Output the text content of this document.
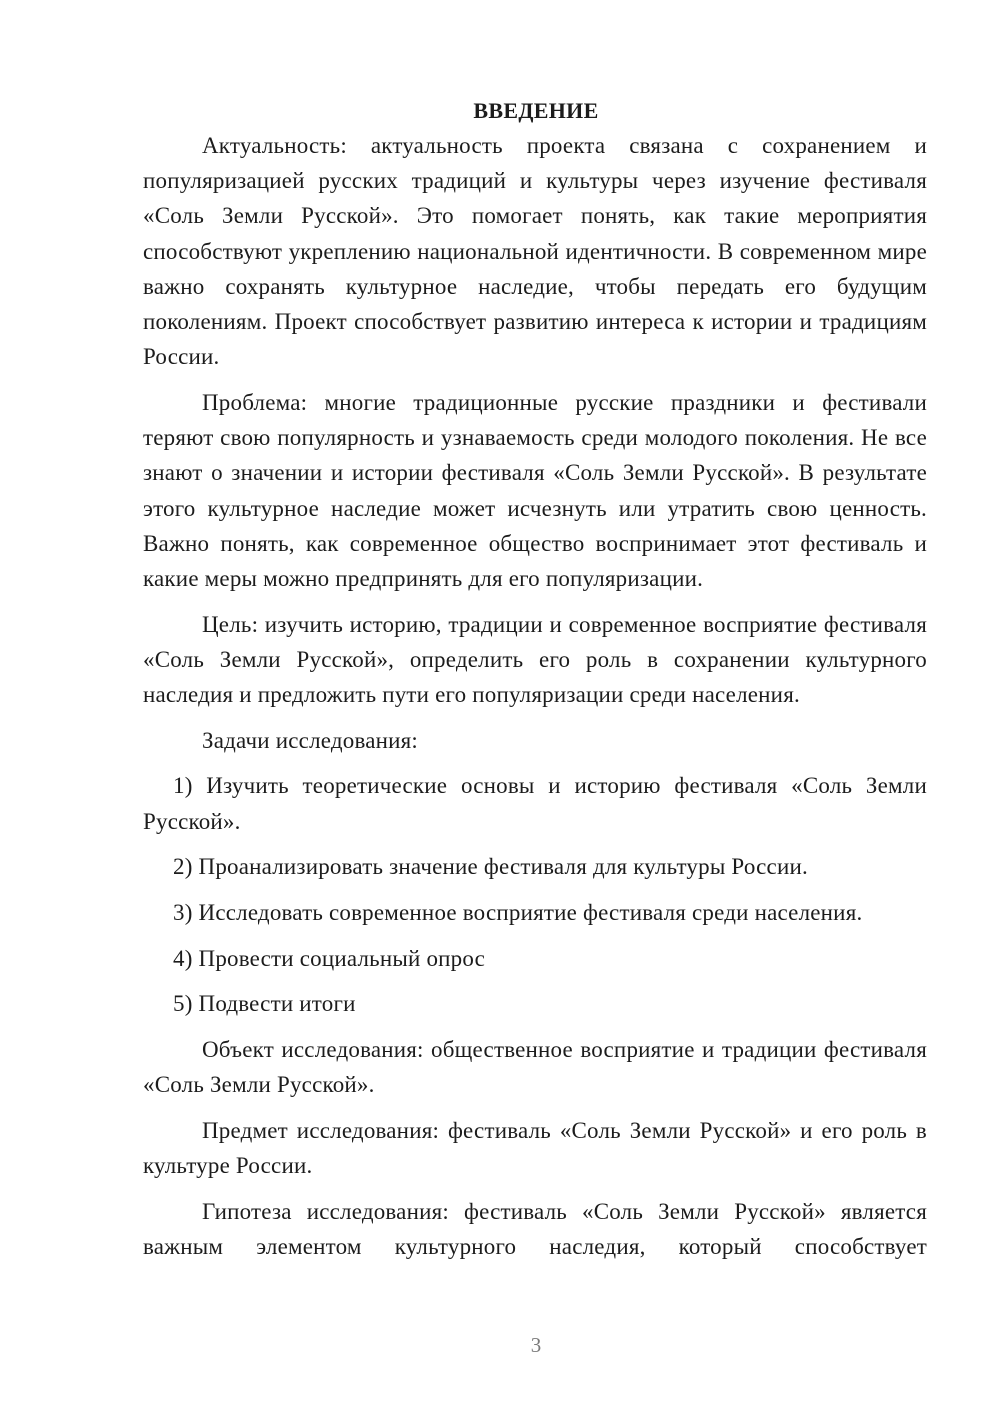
ВВЕДЕНИЕ

Актуальность: актуальность проекта связана с сохранением и популяризацией русских традиций и культуры через изучение фестиваля «Соль Земли Русской». Это помогает понять, как такие мероприятия способствуют укреплению национальной идентичности. В современном мире важно сохранять культурное наследие, чтобы передать его будущим поколениям. Проект способствует развитию интереса к истории и традициям России.

Проблема: многие традиционные русские праздники и фестивали теряют свою популярность и узнаваемость среди молодого поколения. Не все знают о значении и истории фестиваля «Соль Земли Русской». В результате этого культурное наследие может исчезнуть или утратить свою ценность. Важно понять, как современное общество воспринимает этот фестиваль и какие меры можно предпринять для его популяризации.

Цель: изучить историю, традиции и современное восприятие фестиваля «Соль Земли Русской», определить его роль в сохранении культурного наследия и предложить пути его популяризации среди населения.

Задачи исследования:

1) Изучить теоретические основы и историю фестиваля «Соль Земли Русской».

2) Проанализировать значение фестиваля для культуры России.

3) Исследовать современное восприятие фестиваля среди населения.

4) Провести социальный опрос

5) Подвести итоги

Объект исследования: общественное восприятие и традиции фестиваля «Соль Земли Русской».

Предмет исследования: фестиваль «Соль Земли Русской» и его роль в культуре России.

Гипотеза исследования: фестиваль «Соль Земли Русской» является важным элементом культурного наследия, который способствует

3
